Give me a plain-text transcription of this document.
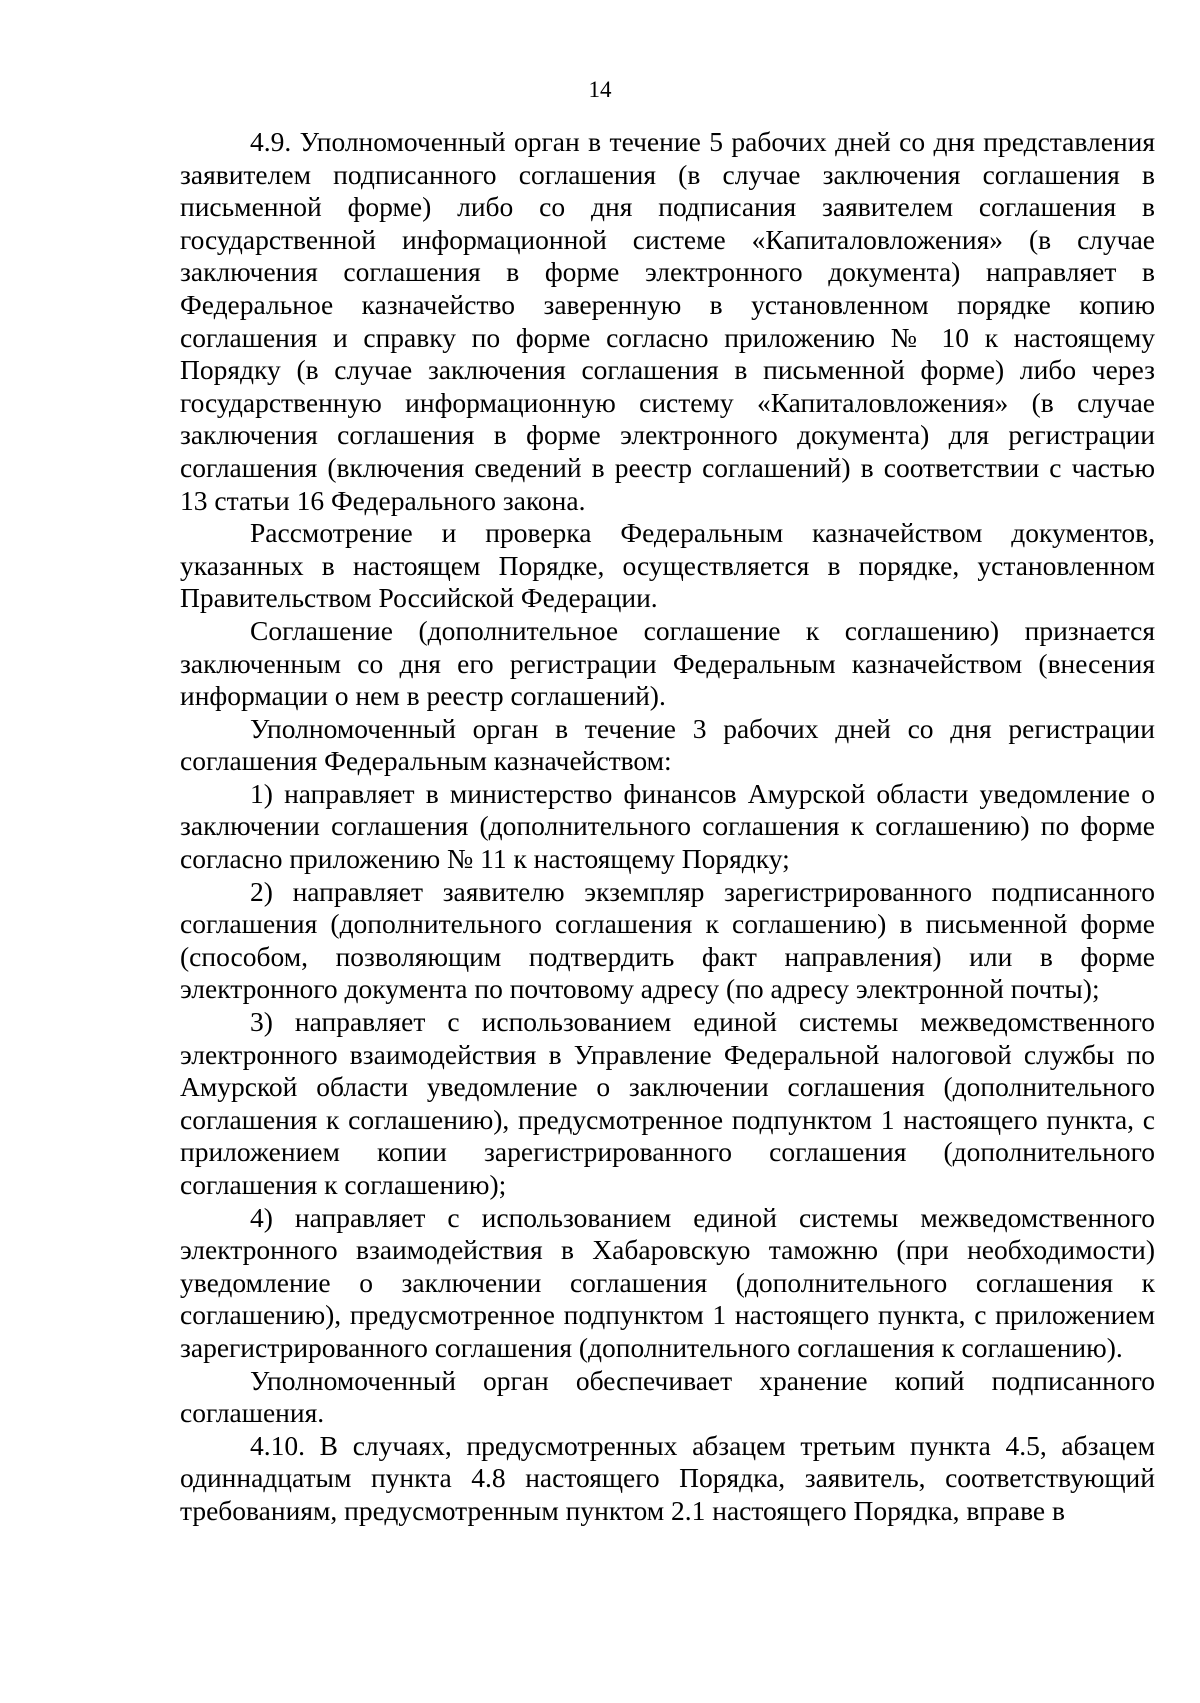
14

4.9. Уполномоченный орган в течение 5 рабочих дней со дня представления заявителем подписанного соглашения (в случае заключения соглашения в письменной форме) либо со дня подписания заявителем соглашения в государственной информационной системе «Капиталовложения» (в случае заключения соглашения в форме электронного документа) направляет в Федеральное казначейство заверенную в установленном порядке копию соглашения и справку по форме согласно приложению № 10 к настоящему Порядку (в случае заключения соглашения в письменной форме) либо через государственную информационную систему «Капиталовложения» (в случае заключения соглашения в форме электронного документа) для регистрации соглашения (включения сведений в реестр соглашений) в соответствии с частью 13 статьи 16 Федерального закона.

Рассмотрение и проверка Федеральным казначейством документов, указанных в настоящем Порядке, осуществляется в порядке, установленном Правительством Российской Федерации.

Соглашение (дополнительное соглашение к соглашению) признается заключенным со дня его регистрации Федеральным казначейством (внесения информации о нем в реестр соглашений).

Уполномоченный орган в течение 3 рабочих дней со дня регистрации соглашения Федеральным казначейством:

1) направляет в министерство финансов Амурской области уведомление о заключении соглашения (дополнительного соглашения к соглашению) по форме согласно приложению № 11 к настоящему Порядку;

2) направляет заявителю экземпляр зарегистрированного подписанного соглашения (дополнительного соглашения к соглашению) в письменной форме (способом, позволяющим подтвердить факт направления) или в форме электронного документа по почтовому адресу (по адресу электронной почты);

3) направляет с использованием единой системы межведомственного электронного взаимодействия в Управление Федеральной налоговой службы по Амурской области уведомление о заключении соглашения (дополнительного соглашения к соглашению), предусмотренное подпунктом 1 настоящего пункта, с приложением копии зарегистрированного соглашения (дополнительного соглашения к соглашению);

4) направляет с использованием единой системы межведомственного электронного взаимодействия в Хабаровскую таможню (при необходимости) уведомление о заключении соглашения (дополнительного соглашения к соглашению), предусмотренное подпунктом 1 настоящего пункта, с приложением зарегистрированного соглашения (дополнительного соглашения к соглашению).

Уполномоченный орган обеспечивает хранение копий подписанного соглашения.

4.10. В случаях, предусмотренных абзацем третьим пункта 4.5, абзацем одиннадцатым пункта 4.8 настоящего Порядка, заявитель, соответствующий требованиям, предусмотренным пунктом 2.1 настоящего Порядка, вправе в
